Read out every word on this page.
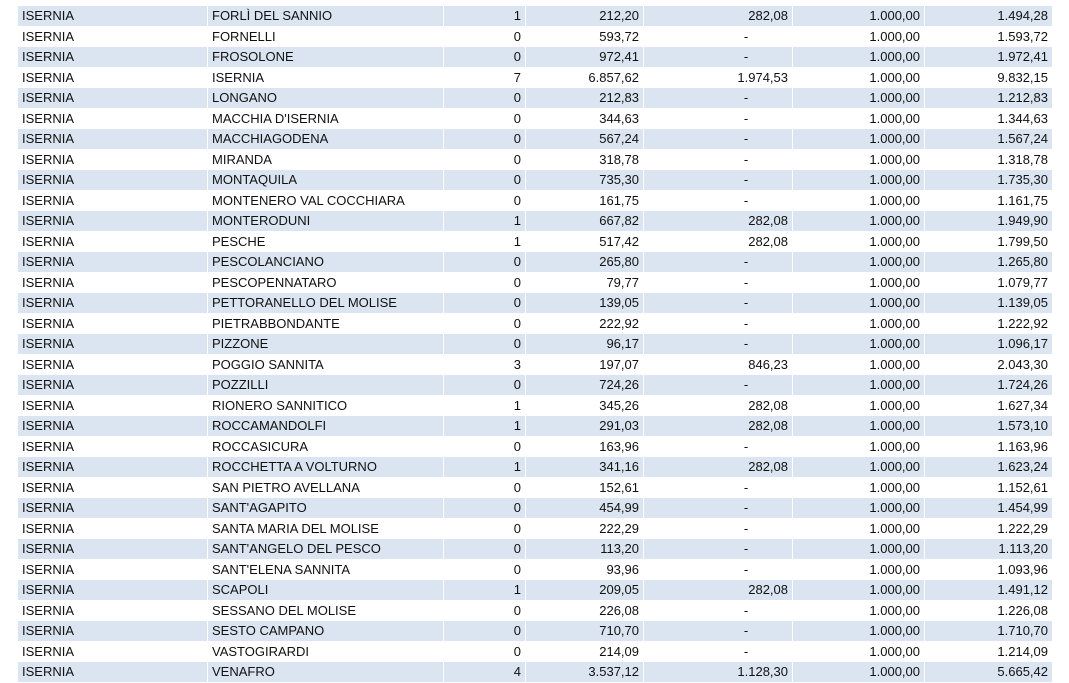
ISERNIA	FORLÌ DEL SANNIO	1	212,20	282,08	1.000,00	1.494,28
ISERNIA	FORNELLI	0	593,72	-	1.000,00	1.593,72
ISERNIA	FROSOLONE	0	972,41	-	1.000,00	1.972,41
ISERNIA	ISERNIA	7	6.857,62	1.974,53	1.000,00	9.832,15
ISERNIA	LONGANO	0	212,83	-	1.000,00	1.212,83
ISERNIA	MACCHIA D'ISERNIA	0	344,63	-	1.000,00	1.344,63
ISERNIA	MACCHIAGODENA	0	567,24	-	1.000,00	1.567,24
ISERNIA	MIRANDA	0	318,78	-	1.000,00	1.318,78
ISERNIA	MONTAQUILA	0	735,30	-	1.000,00	1.735,30
ISERNIA	MONTENERO VAL COCCHIARA	0	161,75	-	1.000,00	1.161,75
ISERNIA	MONTERODUNI	1	667,82	282,08	1.000,00	1.949,90
ISERNIA	PESCHE	1	517,42	282,08	1.000,00	1.799,50
ISERNIA	PESCOLANCIANO	0	265,80	-	1.000,00	1.265,80
ISERNIA	PESCOPENNATARO	0	79,77	-	1.000,00	1.079,77
ISERNIA	PETTORANELLO DEL MOLISE	0	139,05	-	1.000,00	1.139,05
ISERNIA	PIETRABBONDANTE	0	222,92	-	1.000,00	1.222,92
ISERNIA	PIZZONE	0	96,17	-	1.000,00	1.096,17
ISERNIA	POGGIO SANNITA	3	197,07	846,23	1.000,00	2.043,30
ISERNIA	POZZILLI	0	724,26	-	1.000,00	1.724,26
ISERNIA	RIONERO SANNITICO	1	345,26	282,08	1.000,00	1.627,34
ISERNIA	ROCCAMANDOLFI	1	291,03	282,08	1.000,00	1.573,10
ISERNIA	ROCCASICURA	0	163,96	-	1.000,00	1.163,96
ISERNIA	ROCCHETTA A VOLTURNO	1	341,16	282,08	1.000,00	1.623,24
ISERNIA	SAN PIETRO AVELLANA	0	152,61	-	1.000,00	1.152,61
ISERNIA	SANT'AGAPITO	0	454,99	-	1.000,00	1.454,99
ISERNIA	SANTA MARIA DEL MOLISE	0	222,29	-	1.000,00	1.222,29
ISERNIA	SANT'ANGELO DEL PESCO	0	113,20	-	1.000,00	1.113,20
ISERNIA	SANT'ELENA SANNITA	0	93,96	-	1.000,00	1.093,96
ISERNIA	SCAPOLI	1	209,05	282,08	1.000,00	1.491,12
ISERNIA	SESSANO DEL MOLISE	0	226,08	-	1.000,00	1.226,08
ISERNIA	SESTO CAMPANO	0	710,70	-	1.000,00	1.710,70
ISERNIA	VASTOGIRARDI	0	214,09	-	1.000,00	1.214,09
ISERNIA	VENAFRO	4	3.537,12	1.128,30	1.000,00	5.665,42
